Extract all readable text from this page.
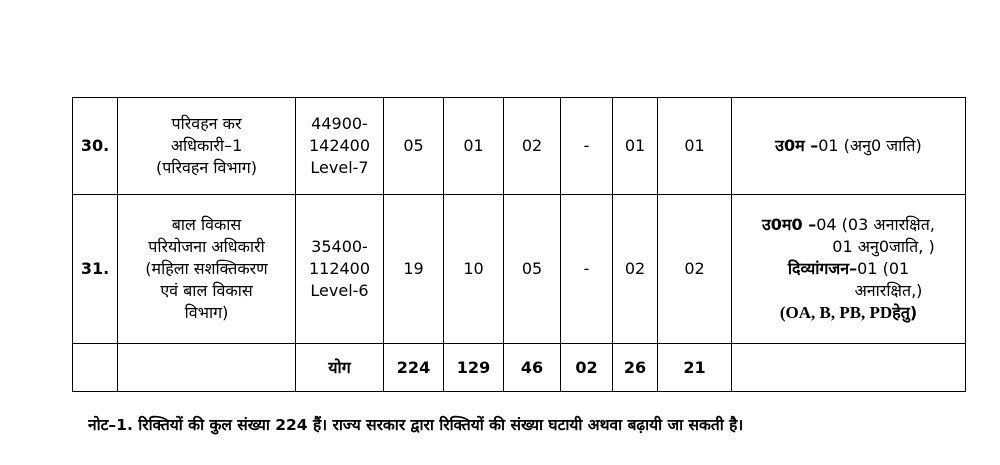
30.	परिवहन कर
अधिकारी–1
(परिवहन विभाग)	44900-
142400
Level-7	05	01	02	-	01	01	उ0म –01 (अनु0 जाति)
31.	बाल विकास
परियोजना अधिकारी
(महिला सशक्तिकरण
एवं बाल विकास
विभाग)	35400-
112400
Level-6	19	10	05	-	02	02	उ0म0 –04 (03 अनारक्षित,
01 अनु0जाति, )
दिव्यांगजन–01 (01
अनारक्षित,)
(OA, B, PB, PDहेतु)

		योग	224	129	46	02	26	21	
नोट–1. रिक्तियों की कुल संख्या 224 हैं। राज्य सरकार द्वारा रिक्तियों की संख्या घटायी अथवा बढ़ायी जा सकती है।
